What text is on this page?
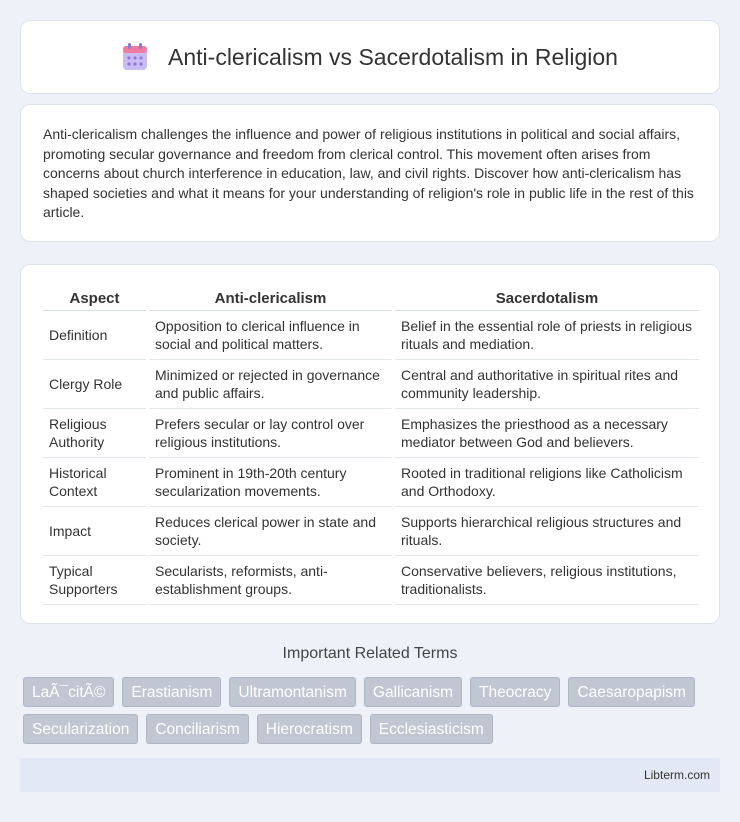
Anti-clericalism vs Sacerdotalism in Religion

Anti-clericalism challenges the influence and power of religious institutions in political and social affairs, promoting secular governance and freedom from clerical control. This movement often arises from concerns about church interference in education, law, and civil rights. Discover how anti-clericalism has shaped societies and what it means for your understanding of religion's role in public life in the rest of this article.

Aspect		Anti-clericalism		Sacerdotalism
Definition		Opposition to clerical influence in social and political matters.		Belief in the essential role of priests in religious rituals and mediation.
Clergy Role		Minimized or rejected in governance and public affairs.		Central and authoritative in spiritual rites and community leadership.
Religious Authority		Prefers secular or lay control over religious institutions.		Emphasizes the priesthood as a necessary mediator between God and believers.
Historical Context		Prominent in 19th-20th century secularization movements.		Rooted in traditional religions like Catholicism and Orthodoxy.
Impact		Reduces clerical power in state and society.		Supports hierarchical religious structures and rituals.
Typical Supporters		Secularists, reformists, anti-establishment groups.		Conservative believers, religious institutions, traditionalists.
Important Related Terms
LaÃ¯citÃ©	Erastianism	Ultramontanism	Gallicanism	Theocracy	Caesaropapism
Secularization	Conciliarism	Hierocratism	Ecclesiasticism
Libterm.com
